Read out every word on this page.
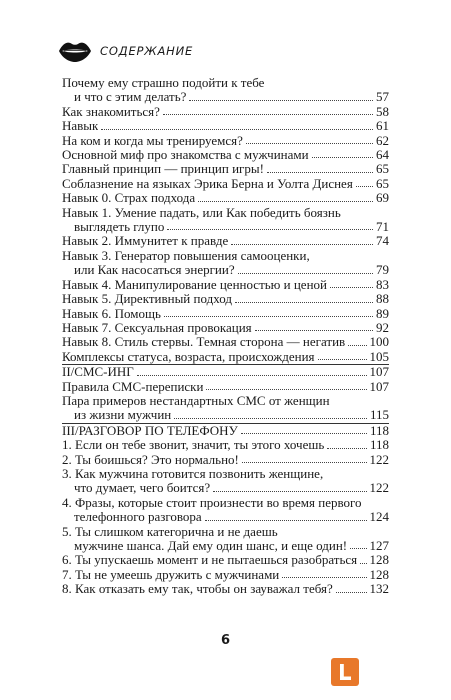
СОДЕРЖАНИЕ
Почему ему страшно подойти к тебе
и что с этим делать?	57
Как знакомиться?	58
Навык	61
На ком и когда мы тренируемся?	62
Основной миф про знакомства с мужчинами	64
Главный принцип — принцип игры!	65
Соблазнение на языках Эрика Берна и Уолта Диснея 65
Навык 0. Страх подхода	69
Навык 1. Умение падать, или Как победить боязнь
выглядеть глупо	71
Навык 2. Иммунитет к правде	74
Навык 3. Генератор повышения самооценки,
или Как насосаться энергии?	79
Навык 4. Манипулирование ценностью и ценой	83
Навык 5. Директивный подход	88
Навык 6. Помощь	89
Навык 7. Сексуальная провокация	92
Навык 8. Стиль стервы. Темная сторона — негатив 100
Комплексы статуса, возраста, происхождения	105
II/СМС-ИНГ	107
Правила СМС-переписки	107
Пара примеров нестандартных СМС от женщин
из жизни мужчин	115
III/РАЗГОВОР ПО ТЕЛЕФОНУ	118
1. Если он тебе звонит, значит, ты этого хочешь	118
2. Ты боишься? Это нормально!	122
3. Как мужчина готовится позвонить женщине,
что думает, чего боится?	122
4. Фразы, которые стоит произнести во время первого
телефонного разговора	124
5. Ты слишком категорична и не даешь
мужчине шанса. Дай ему один шанс, и еще один! 127
6. Ты упускаешь момент и не пытаешься разобраться 128
7. Ты не умеешь дружить с мужчинами	128
8. Как отказать ему так, чтобы он зауважал тебя?	132
6
